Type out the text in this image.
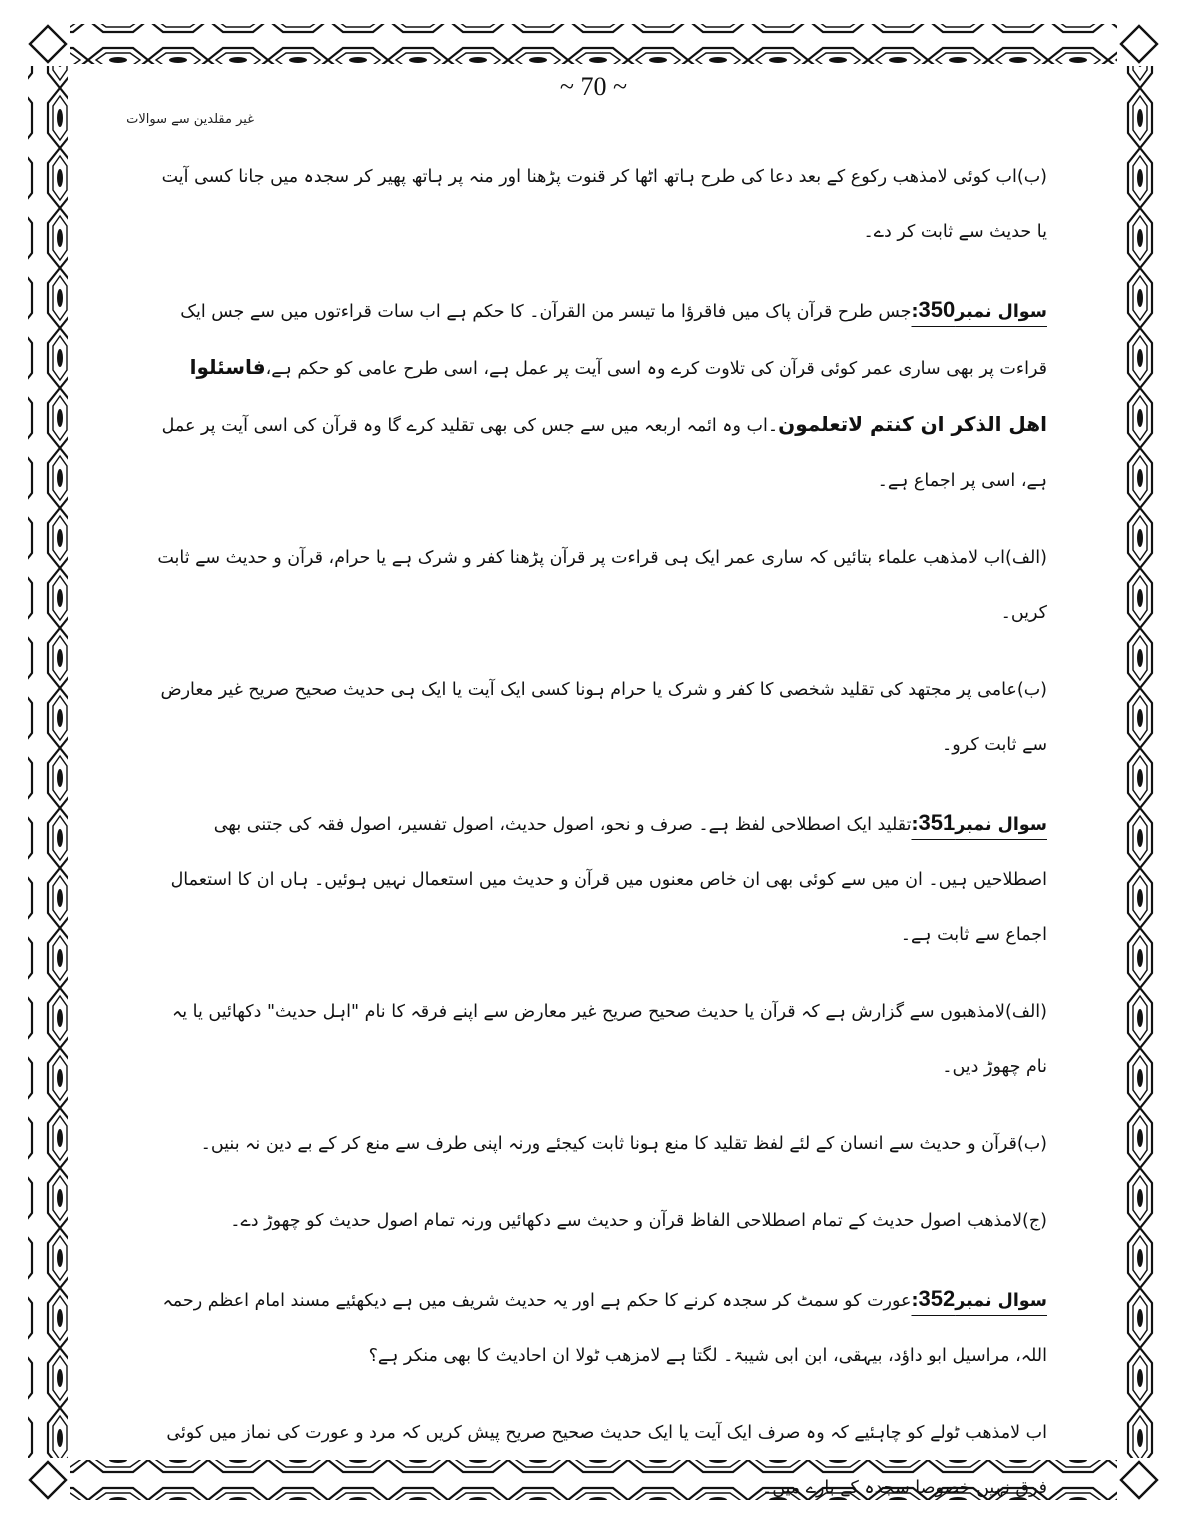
~ 70 ~
غیر مقلدین سے سوالات

(ب)اب کوئی لامذھب رکوع کے بعد دعا کی طرح ہاتھ اٹھا کر قنوت پڑھنا اور منہ پر ہاتھ پھیر کر سجدہ میں جانا کسی آیت یا حدیث سے ثابت کر دے۔

سوال نمبر350:جس طرح قرآن پاک میں فاقرؤا ما تیسر من القرآن۔ کا حکم ہے اب سات قراءتوں میں سے جس ایک قراءت پر بھی ساری عمر کوئی قرآن کی تلاوت کرے وہ اسی آیت پر عمل ہے، اسی طرح عامی کو حکم ہے،فاسئلوا اهل الذكر ان كنتم لاتعلمون۔اب وہ ائمہ اربعہ میں سے جس کی بھی تقلید کرے گا وہ قرآن کی اسی آیت پر عمل ہے، اسی پر اجماع ہے۔

(الف)اب لامذھب علماء بتائیں کہ ساری عمر ایک ہی قراءت پر قرآن پڑھنا کفر و شرک ہے یا حرام، قرآن و حدیث سے ثابت کریں۔

(ب)عامی پر مجتھد کی تقلید شخصی کا کفر و شرک یا حرام ہونا کسی ایک آیت یا ایک ہی حدیث صحیح صریح غیر معارض سے ثابت کرو۔

سوال نمبر351:تقلید ایک اصطلاحی لفظ ہے۔ صرف و نحو، اصول حدیث، اصول تفسیر، اصول فقہ کی جتنی بھی اصطلاحیں ہیں۔ ان میں سے کوئی بھی ان خاص معنوں میں قرآن و حدیث میں استعمال نہیں ہوئیں۔ ہاں ان کا استعمال اجماع سے ثابت ہے۔

(الف)لامذھبوں سے گزارش ہے کہ قرآن یا حدیث صحیح صریح غیر معارض سے اپنے فرقہ کا نام "اہل حدیث" دکھائیں یا یہ نام چھوڑ دیں۔

(ب)قرآن و حدیث سے انسان کے لئے لفظ تقلید کا منع ہونا ثابت کیجئے ورنہ اپنی طرف سے منع کر کے بے دین نہ بنیں۔

(ج)لامذھب اصول حدیث کے تمام اصطلاحی الفاظ قرآن و حدیث سے دکھائیں ورنہ تمام اصول حدیث کو چھوڑ دے۔

سوال نمبر352:عورت کو سمٹ کر سجدہ کرنے کا حکم ہے اور یہ حدیث شریف میں ہے دیکھئیے مسند امام اعظم رحمہ اللہ، مراسیل ابو داؤد، بیہقی، ابن ابی شیبۃ۔ لگتا ہے لامزھب ٹولا ان احادیث کا بھی منکر ہے؟

اب لامذھب ٹولے کو چاہئیے کہ وہ صرف ایک آیت یا ایک حدیث صحیح صریح پیش کریں کہ مرد و عورت کی نماز میں کوئی فرق نہیں خصوصا سجدہ کے بارے میں۔
